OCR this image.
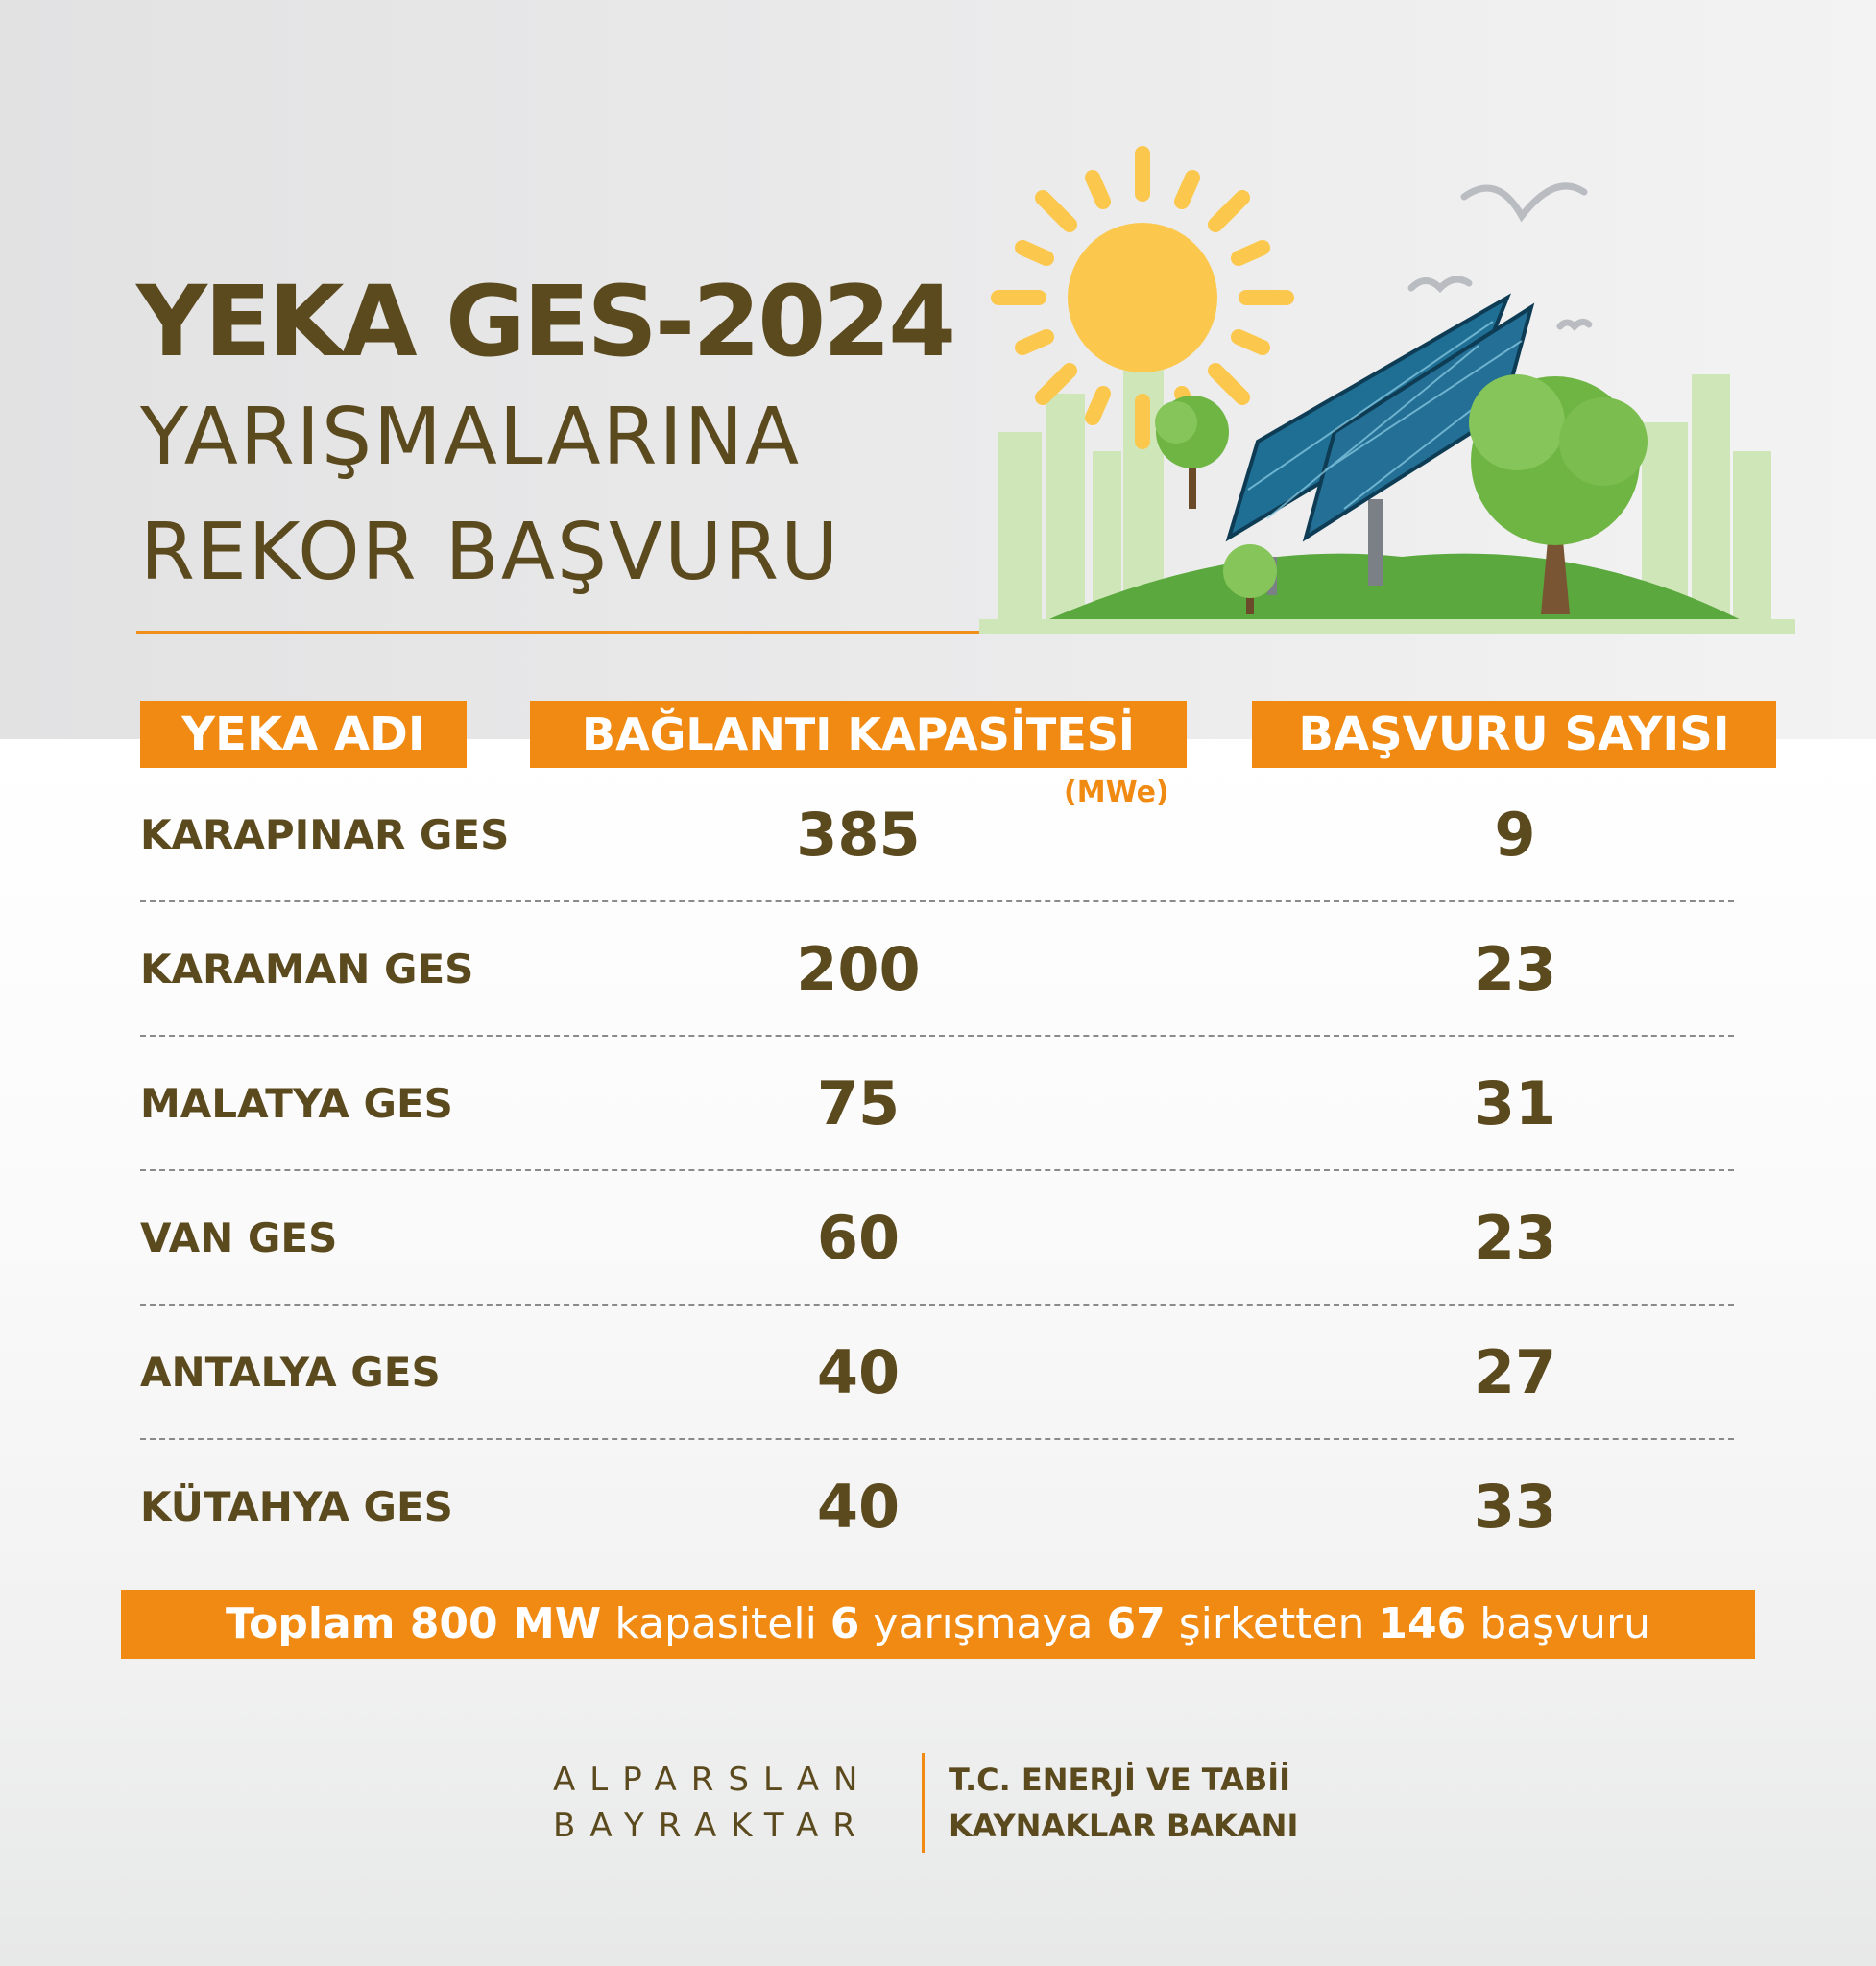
YEKA GES-2024
YARIŞMALARINA
REKOR BAŞVURU
YEKA ADI	BAĞLANTI KAPASİTESİ	BAŞVURU SAYISI
(MWe)
KARAPINAR GES	385	9
KARAMAN GES	200	23
MALATYA GES	75	31
VAN GES	60	23
ANTALYA GES	40	27
KÜTAHYA GES	40	33
Toplam 800 MW kapasiteli 6 yarışmaya 67 şirketten 146 başvuru
ALPARSLAN
BAYRAKTAR
T.C. ENERJİ VE TABİİ
KAYNAKLAR BAKANI
